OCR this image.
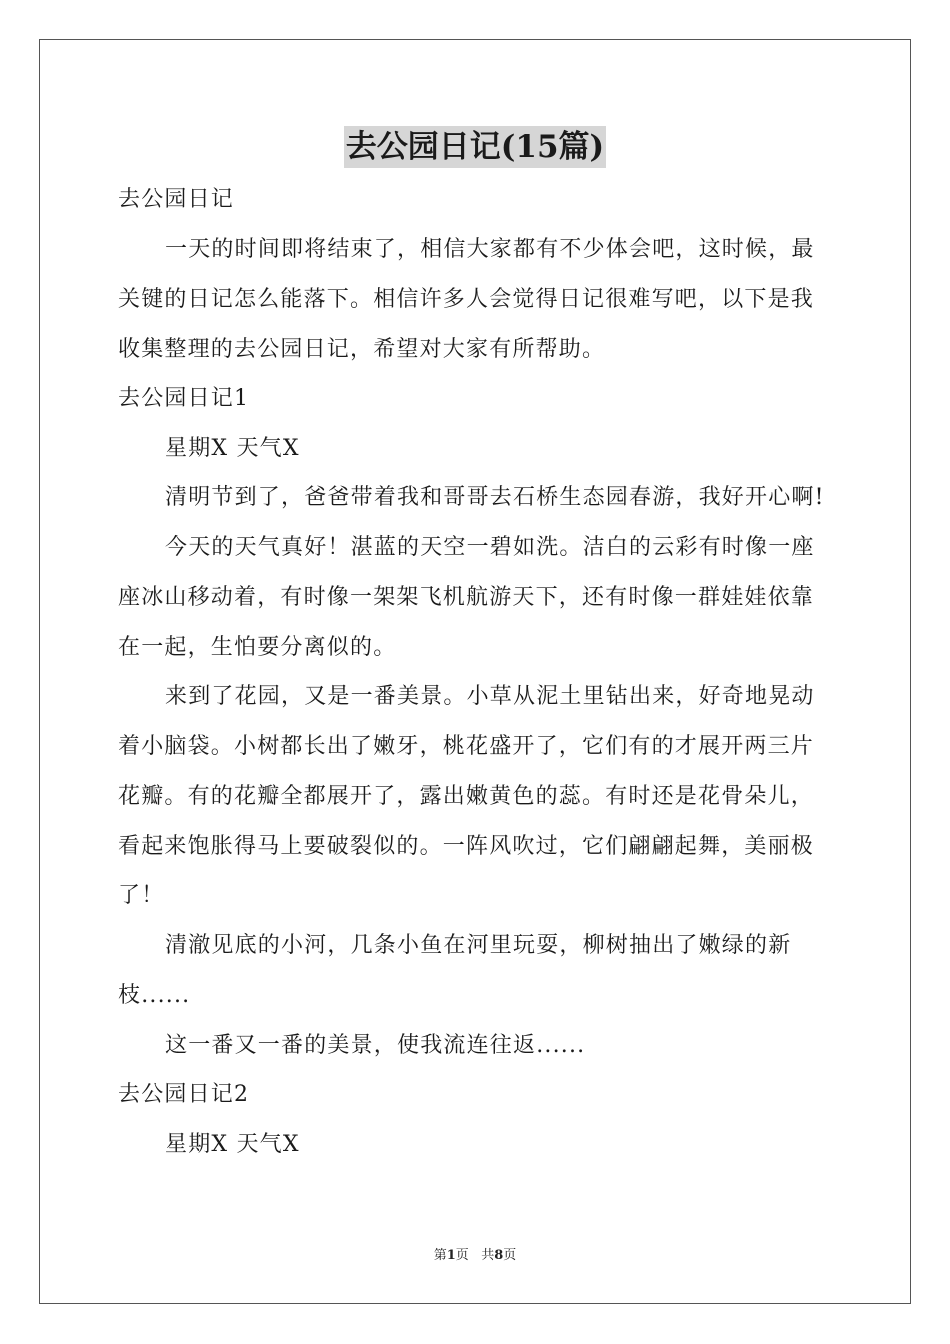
去公园日记(15篇)
去公园日记
一天的时间即将结束了，相信大家都有不少体会吧，这时候，最
关键的日记怎么能落下。相信许多人会觉得日记很难写吧，以下是我
收集整理的去公园日记，希望对大家有所帮助。
去公园日记1
星期X 天气X
清明节到了，爸爸带着我和哥哥去石桥生态园春游，我好开心啊!
今天的天气真好！湛蓝的天空一碧如洗。洁白的云彩有时像一座
座冰山移动着，有时像一架架飞机航游天下，还有时像一群娃娃依靠
在一起，生怕要分离似的。
来到了花园，又是一番美景。小草从泥土里钻出来，好奇地晃动
着小脑袋。小树都长出了嫩牙，桃花盛开了，它们有的才展开两三片
花瓣。有的花瓣全都展开了，露出嫩黄色的蕊。有时还是花骨朵儿，
看起来饱胀得马上要破裂似的。一阵风吹过，它们翩翩起舞，美丽极
了！
清澈见底的小河，几条小鱼在河里玩耍，柳树抽出了嫩绿的新
枝......
这一番又一番的美景，使我流连往返......
去公园日记2
星期X 天气X
第1页 共8页
